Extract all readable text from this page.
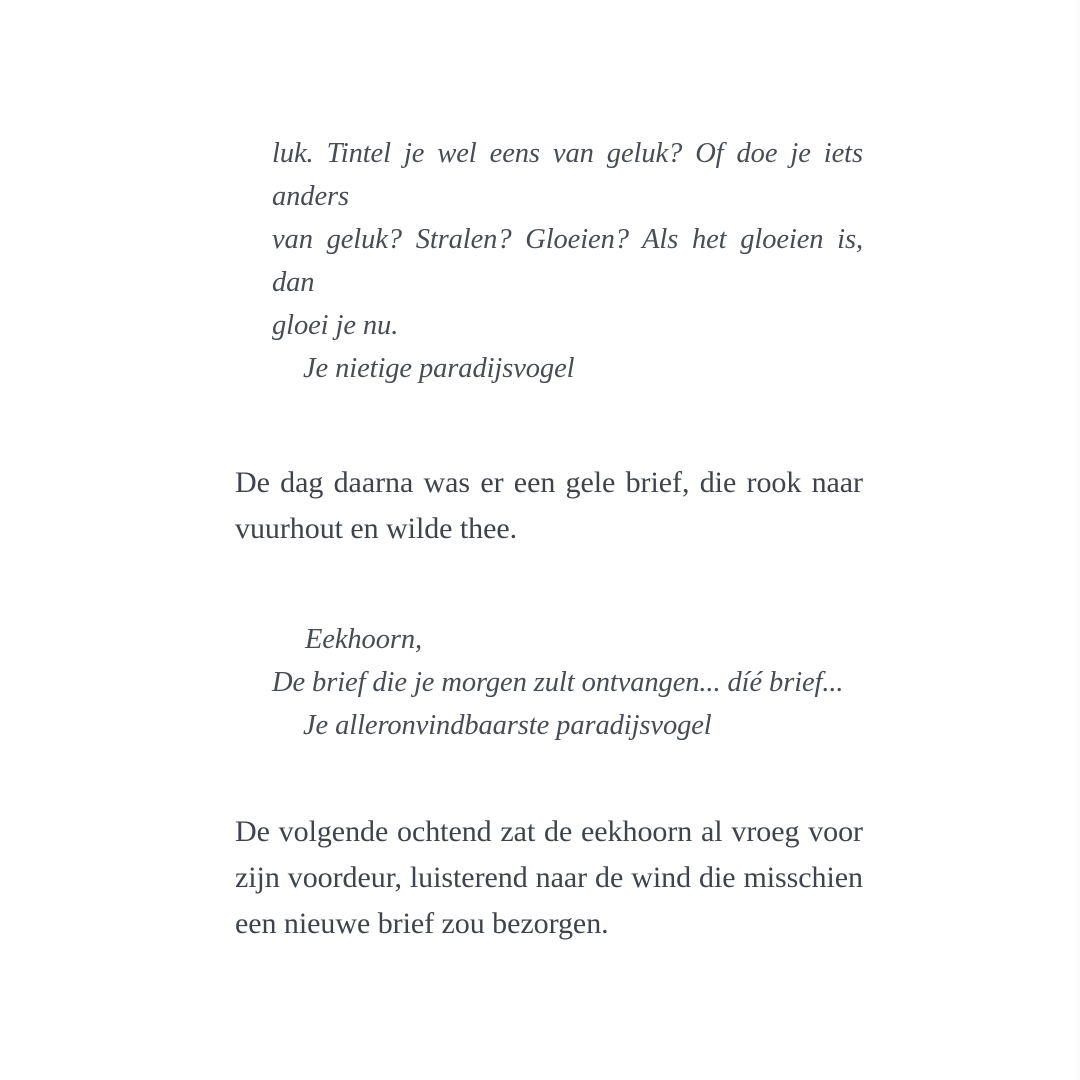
luk. Tintel je wel eens van geluk? Of doe je iets anders

van geluk? Stralen? Gloeien? Als het gloeien is, dan

gloei je nu.

Je nietige paradijsvogel

De dag daarna was er een gele brief, die rook naar vuurhout en wilde thee.

Eekhoorn,

De brief die je morgen zult ontvangen... díé brief...

Je alleronvindbaarste paradijsvogel

De volgende ochtend zat de eekhoorn al vroeg voor zijn voordeur, luisterend naar de wind die misschien een nieuwe brief zou bezorgen.
